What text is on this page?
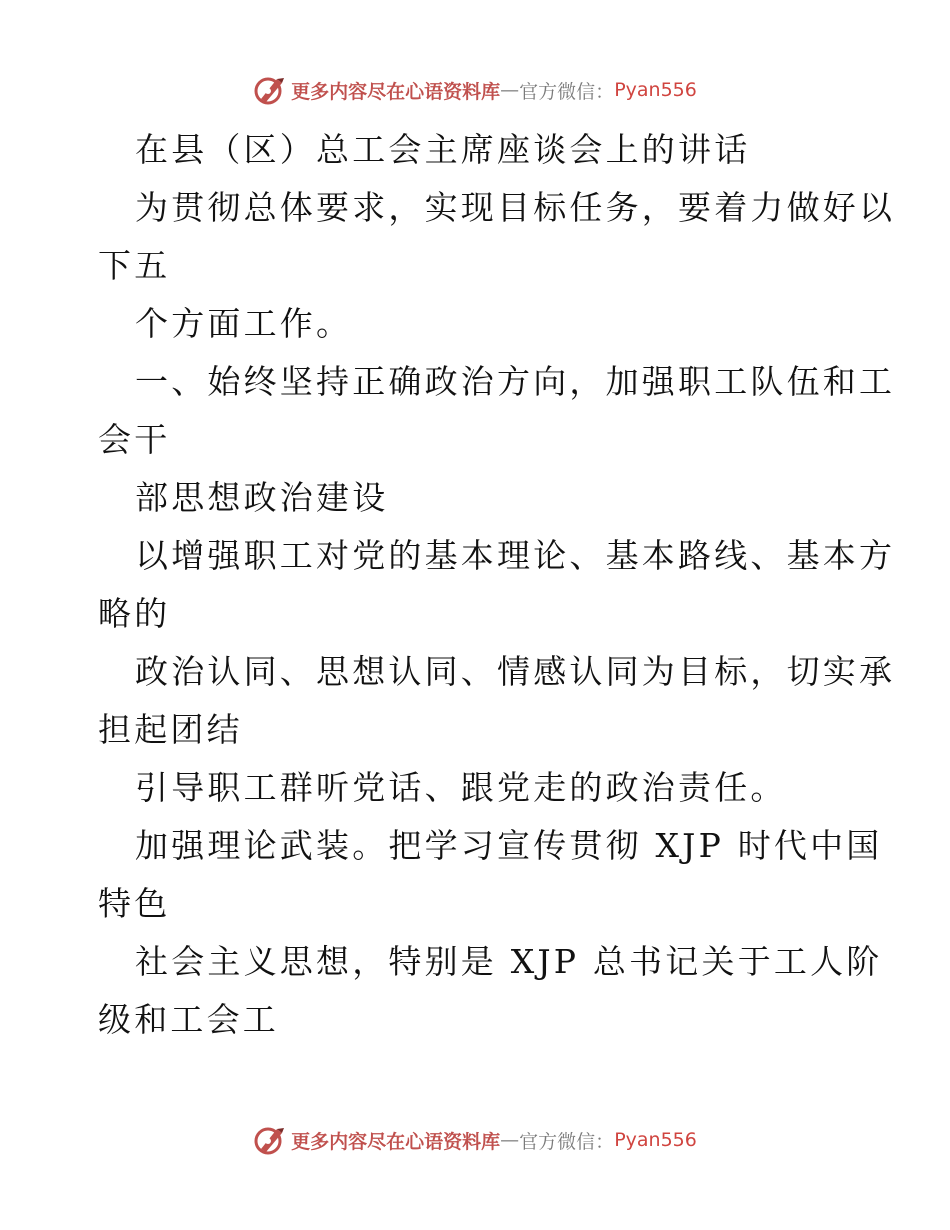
更多内容尽在心语资料库 — 官方微信： Pyan556
在县（区）总工会主席座谈会上的讲话
为贯彻总体要求，实现目标任务，要着力做好以
下五
个方面工作。
一、始终坚持正确政治方向，加强职工队伍和工
会干
部思想政治建设
以增强职工对党的基本理论、基本路线、基本方
略的
政治认同、思想认同、情感认同为目标，切实承
担起团结
引导职工群听党话、跟党走的政治责任。
加强理论武装。把学习宣传贯彻 XJP 时代中国
特色
社会主义思想，特别是 XJP 总书记关于工人阶
级和工会工
更多内容尽在心语资料库 — 官方微信： Pyan556
